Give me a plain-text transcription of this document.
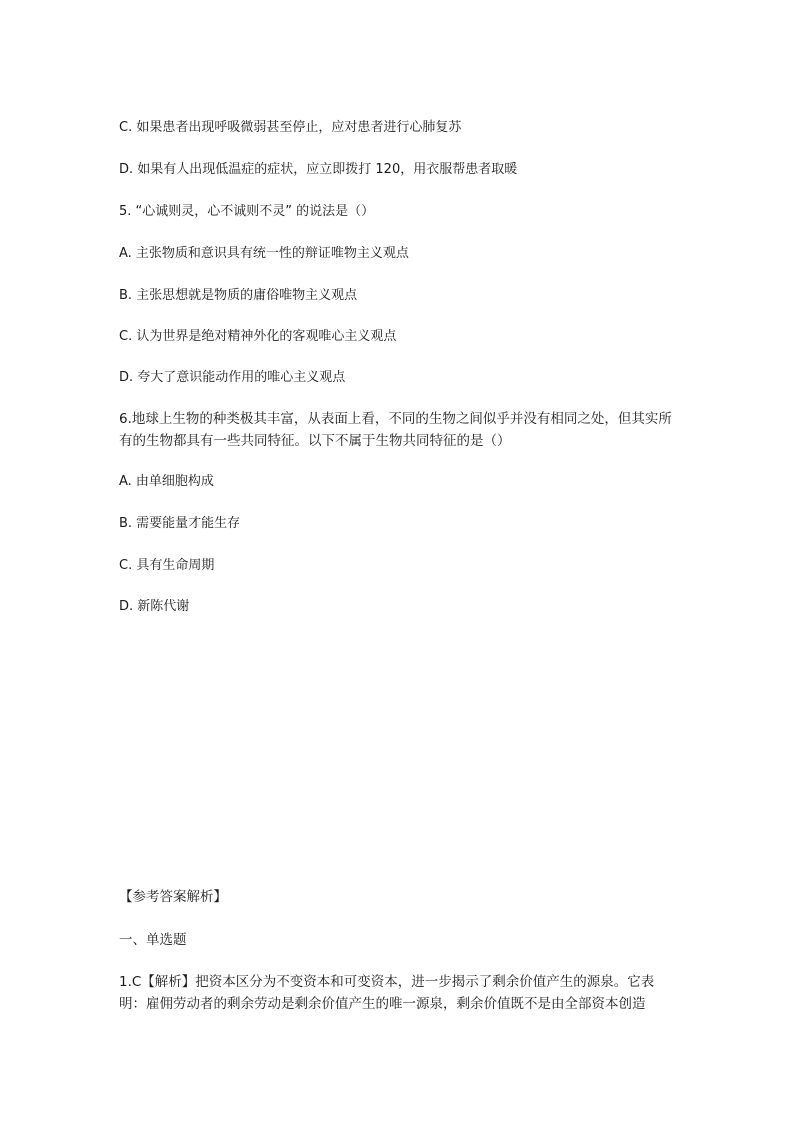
C. 如果患者出现呼吸微弱甚至停止，应对患者进行心肺复苏
D. 如果有人出现低温症的症状，应立即拨打 120，用衣服帮患者取暖
5. “心诚则灵，心不诚则不灵” 的说法是（）
A. 主张物质和意识具有统一性的辩证唯物主义观点
B. 主张思想就是物质的庸俗唯物主义观点
C. 认为世界是绝对精神外化的客观唯心主义观点
D. 夸大了意识能动作用的唯心主义观点
6.地球上生物的种类极其丰富，从表面上看，不同的生物之间似乎并没有相同之处，但其实所有的生物都具有一些共同特征。以下不属于生物共同特征的是（）
A. 由单细胞构成
B. 需要能量才能生存
C. 具有生命周期
D. 新陈代谢
【参考答案解析】
一、单选题
1.C【解析】把资本区分为不变资本和可变资本，进一步揭示了剩余价值产生的源泉。它表明：雇佣劳动者的剩余劳动是剩余价值产生的唯一源泉，剩余价值既不是由全部资本创造
